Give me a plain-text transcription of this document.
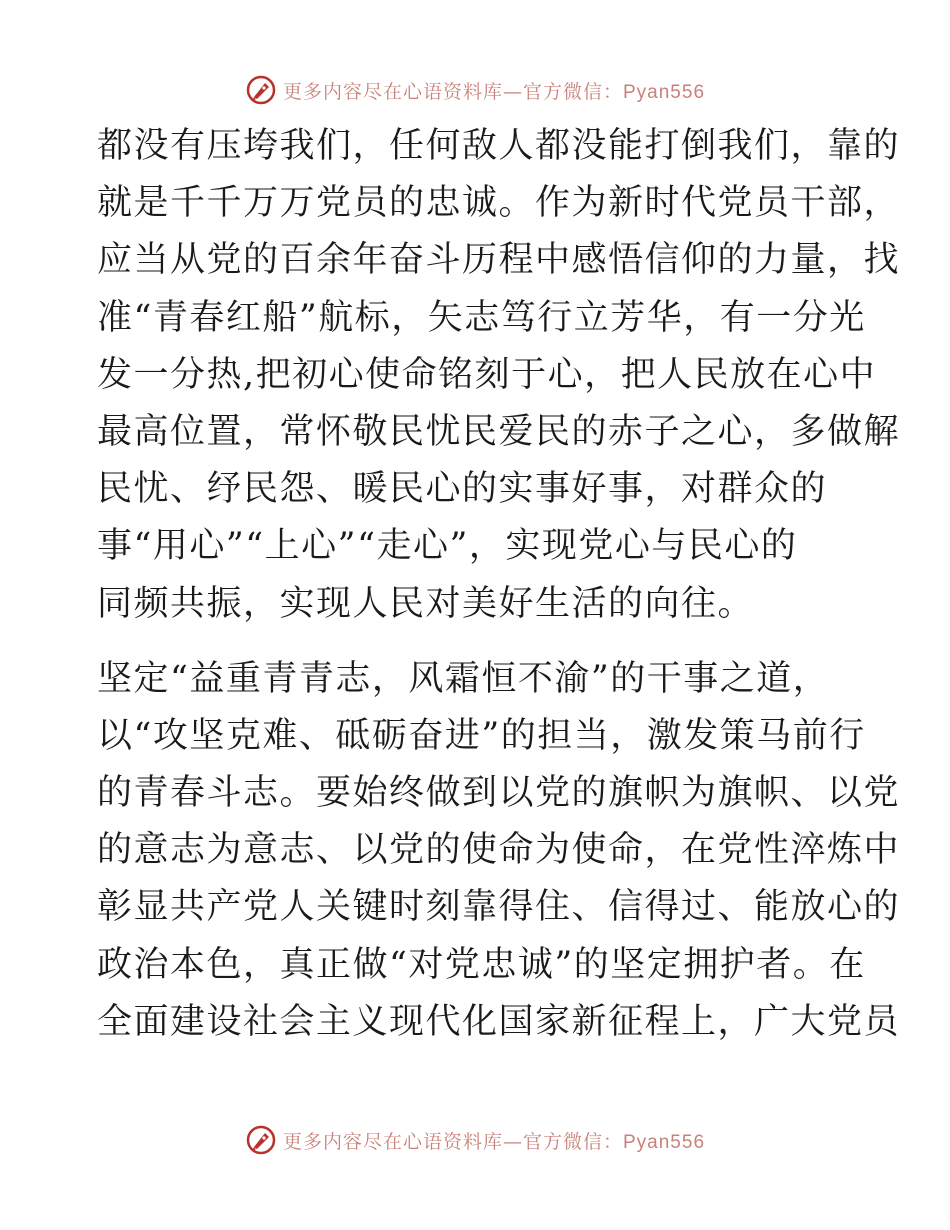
更多内容尽在心语资料库—官方微信：Pyan556
都没有压垮我们，任何敌人都没能打倒我们，靠的
就是千千万万党员的忠诚。作为新时代党员干部，
应当从党的百余年奋斗历程中感悟信仰的力量，找
准“青春红船”航标，矢志笃行立芳华，有一分光
发一分热,把初心使命铭刻于心，把人民放在心中
最高位置，常怀敬民忧民爱民的赤子之心，多做解
民忧、纾民怨、暖民心的实事好事，对群众的
事“用心”“上心”“走心”，实现党心与民心的
同频共振，实现人民对美好生活的向往。
坚定“益重青青志，风霜恒不渝”的干事之道，
以“攻坚克难、砥砺奋进”的担当，激发策马前行
的青春斗志。要始终做到以党的旗帜为旗帜、以党
的意志为意志、以党的使命为使命，在党性淬炼中
彰显共产党人关键时刻靠得住、信得过、能放心的
政治本色，真正做“对党忠诚”的坚定拥护者。在
全面建设社会主义现代化国家新征程上，广大党员
更多内容尽在心语资料库—官方微信：Pyan556
